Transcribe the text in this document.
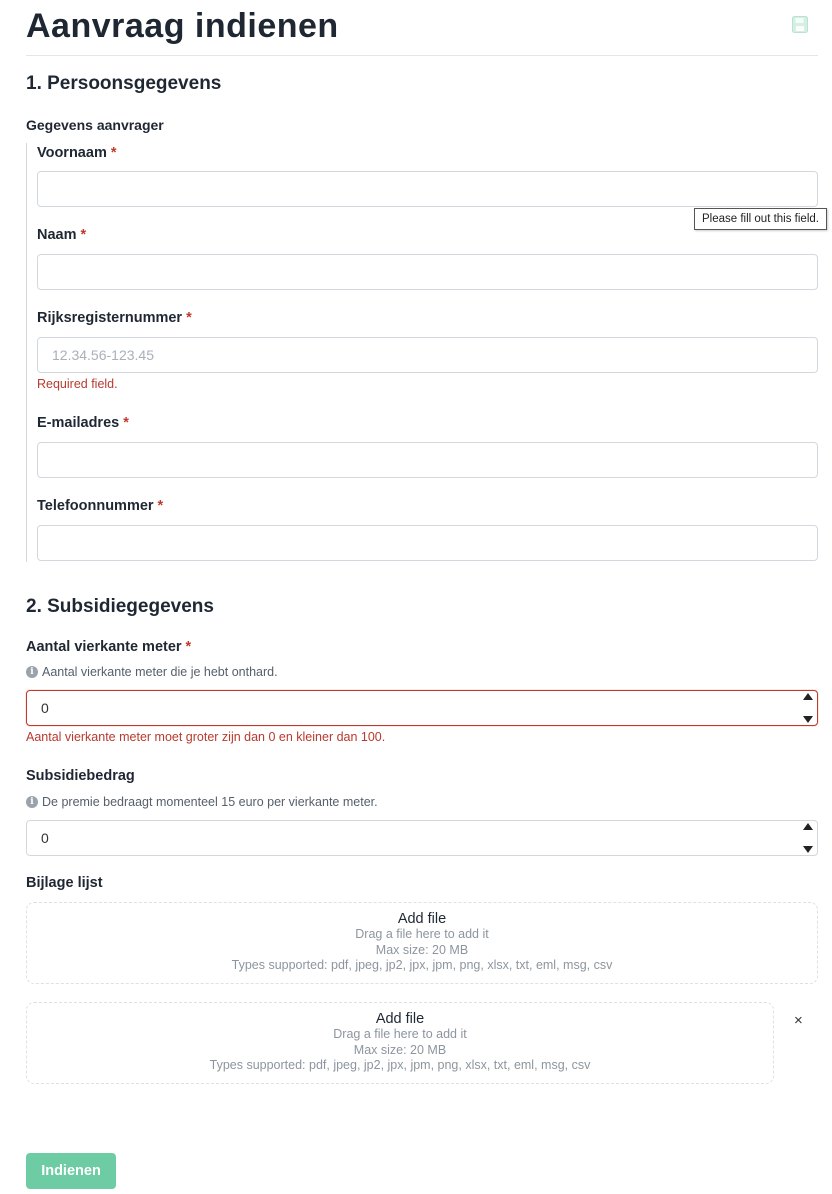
Aanvraag indienen
1. Persoonsgegevens
Gegevens aanvrager
Voornaam *
Naam *
Rijksregisternummer *
12.34.56-123.45
Required field.
E-mailadres *
Telefoonnummer *
2. Subsidiegegevens
Aantal vierkante meter *
i Aantal vierkante meter die je hebt onthard.
0
Aantal vierkante meter moet groter zijn dan 0 en kleiner dan 100.
Subsidiebedrag
i De premie bedraagt momenteel 15 euro per vierkante meter.
0
Bijlage lijst
Add file
Drag a file here to add it
Max size: 20 MB
Types supported: pdf, jpeg, jp2, jpx, jpm, png, xlsx, txt, eml, msg, csv
Add file
Drag a file here to add it
Max size: 20 MB
Types supported: pdf, jpeg, jp2, jpx, jpm, png, xlsx, txt, eml, msg, csv
×
Indienen
Please fill out this field.
